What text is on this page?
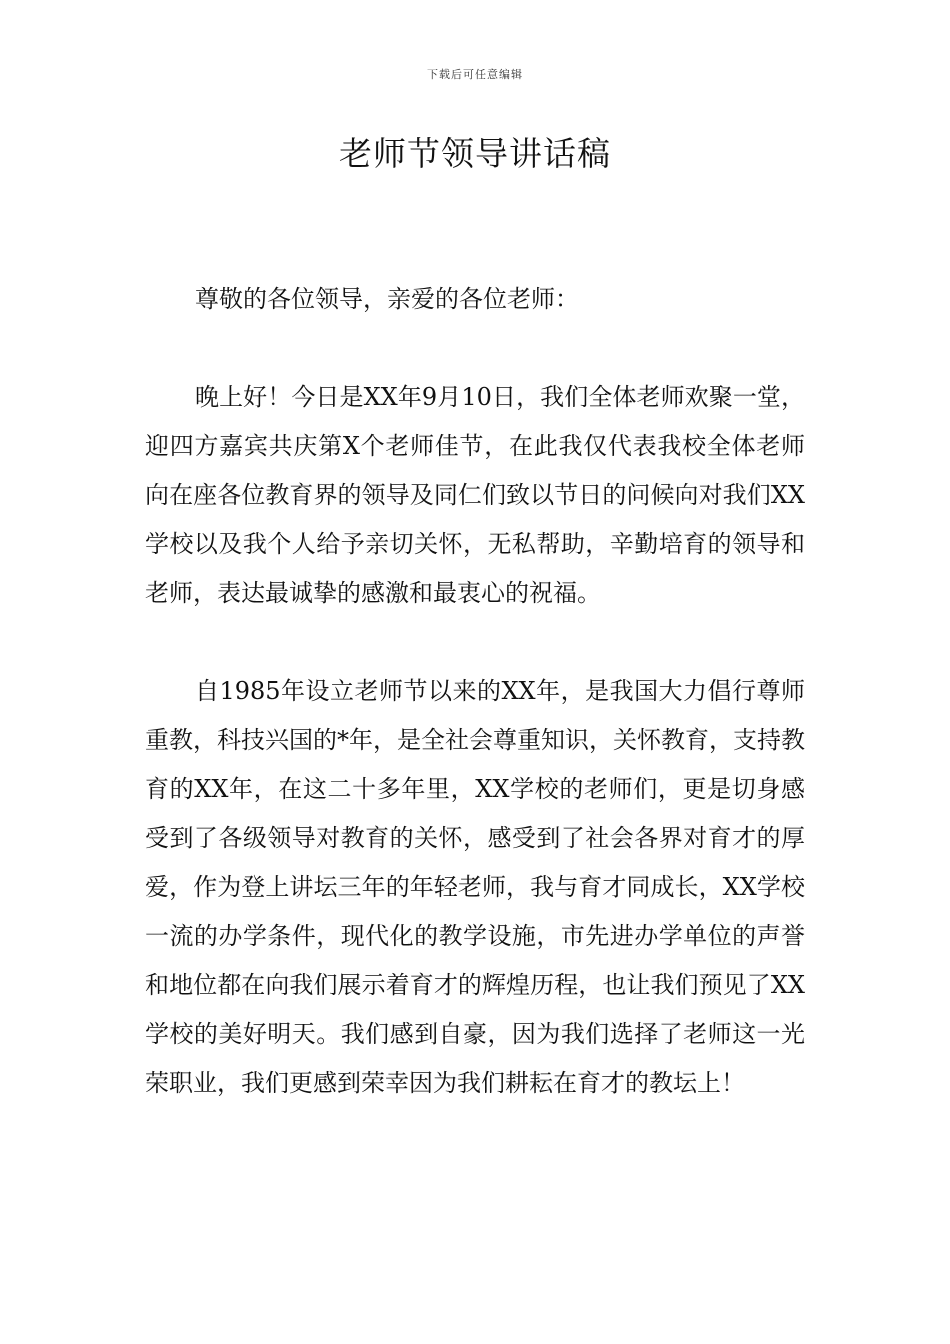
下载后可任意编辑
老师节领导讲话稿

尊敬的各位领导，亲爱的各位老师：

晚上好！今日是XX年9月10日，我们全体老师欢聚一堂，迎四方嘉宾共庆第X个老师佳节，在此我仅代表我校全体老师向在座各位教育界的领导及同仁们致以节日的问候向对我们XX学校以及我个人给予亲切关怀，无私帮助，辛勤培育的领导和老师，表达最诚挚的感激和最衷心的祝福。

自1985年设立老师节以来的XX年，是我国大力倡行尊师重教，科技兴国的*年，是全社会尊重知识，关怀教育，支持教育的XX年，在这二十多年里，XX学校的老师们，更是切身感受到了各级领导对教育的关怀，感受到了社会各界对育才的厚爱，作为登上讲坛三年的年轻老师，我与育才同成长，XX学校一流的办学条件，现代化的教学设施，市先进办学单位的声誉和地位都在向我们展示着育才的辉煌历程，也让我们预见了XX学校的美好明天。我们感到自豪，因为我们选择了老师这一光荣职业，我们更感到荣幸因为我们耕耘在育才的教坛上！
